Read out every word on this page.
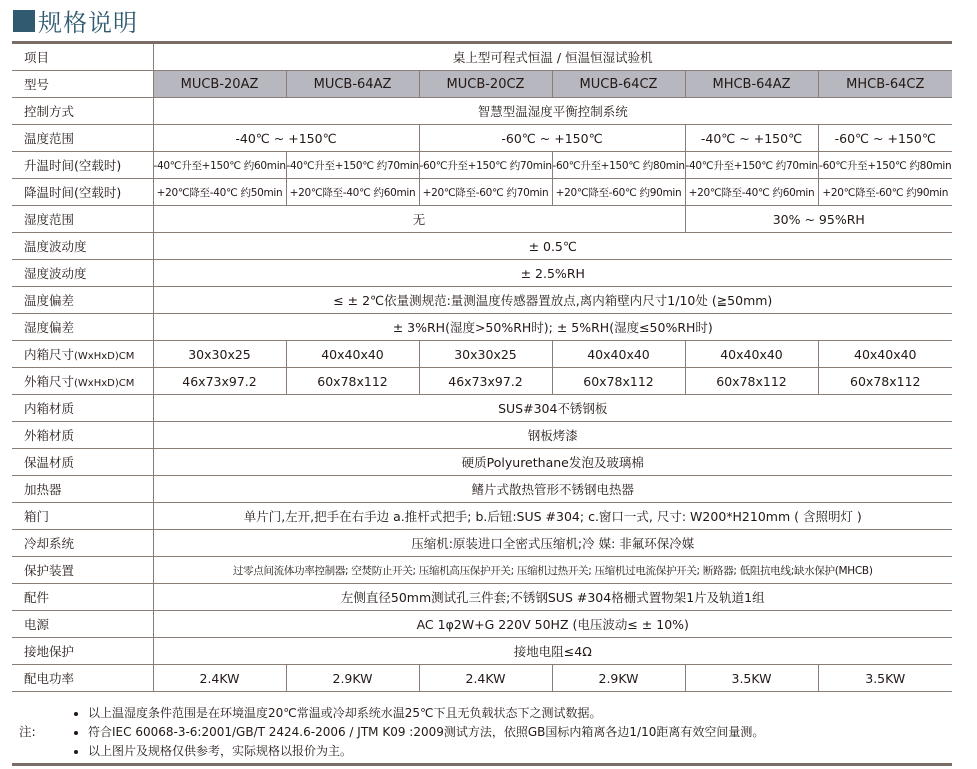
规格说明
项目	桌上型可程式恒温 / 恒温恒湿试验机					
型号	MUCB-20AZ	MUCB-64AZ	MUCB-20CZ	MUCB-64CZ	MHCB-64AZ	MHCB-64CZ
控制方式	智慧型温湿度平衡控制系统					
温度范围	-40℃ ~ +150℃		-60℃ ~ +150℃		-40℃ ~ +150℃	-60℃ ~ +150℃
升温时间(空载时)	-40℃升至+150℃ 约60min	-40℃升至+150℃ 约70min	-60℃升至+150℃ 约70min	-60℃升至+150℃ 约80min	-40℃升至+150℃ 约70min	-60℃升至+150℃ 约80min
降温时间(空载时)	+20℃降至-40℃ 约50min	+20℃降至-40℃ 约60min	+20℃降至-60℃ 约70min	+20℃降至-60℃ 约90min	+20℃降至-40℃ 约60min	+20℃降至-60℃ 约90min
湿度范围	无				30% ~ 95%RH	
温度波动度	± 0.5℃					
湿度波动度	± 2.5%RH					
温度偏差	≤ ± 2℃依量测规范:量测温度传感器置放点,离内箱壁内尺寸1/10处 (≧50mm)					
湿度偏差	± 3%RH(湿度>50%RH时); ± 5%RH(湿度≤50%RH时)					
内箱尺寸(WxHxD)CM	30x30x25	40x40x40	30x30x25	40x40x40	40x40x40	40x40x40
外箱尺寸(WxHxD)CM	46x73x97.2	60x78x112	46x73x97.2	60x78x112	60x78x112	60x78x112
内箱材质	SUS#304不锈钢板					
外箱材质	钢板烤漆					
保温材质	硬质Polyurethane发泡及玻璃棉					
加热器	鳍片式散热管形不锈钢电热器					
箱门	单片门,左开,把手在右手边 a.推杆式把手; b.后钮:SUS #304; c.窗口一式, 尺寸: W200*H210mm ( 含照明灯 )					
冷却系统	压缩机:原装进口全密式压缩机;冷 媒: 非氟环保冷媒					
保护装置	过零点间流体功率控制器; 空焚防止开关; 压缩机高压保护开关; 压缩机过热开关; 压缩机过电流保护开关; 断路器; 低阻抗电线;缺水保护(MHCB)					
配件	左侧直径50mm测试孔三件套;不锈钢SUS #304格栅式置物架1片及轨道1组					
电源	AC 1φ2W+G 220V 50HZ (电压波动≤ ± 10%)					
接地保护	接地电阻≤4Ω					
配电功率	2.4KW	2.9KW	2.4KW	2.9KW	3.5KW	3.5KW
注:
• 以上温湿度条件范围是在环境温度20℃常温或冷却系统水温25℃下且无负载状态下之测试数据。
• 符合IEC 60068-3-6:2001/GB/T 2424.6-2006 / JTM K09 :2009测试方法，依照GB国标内箱离各边1/10距离有效空间量测。
• 以上图片及规格仅供参考，实际规格以报价为主。
